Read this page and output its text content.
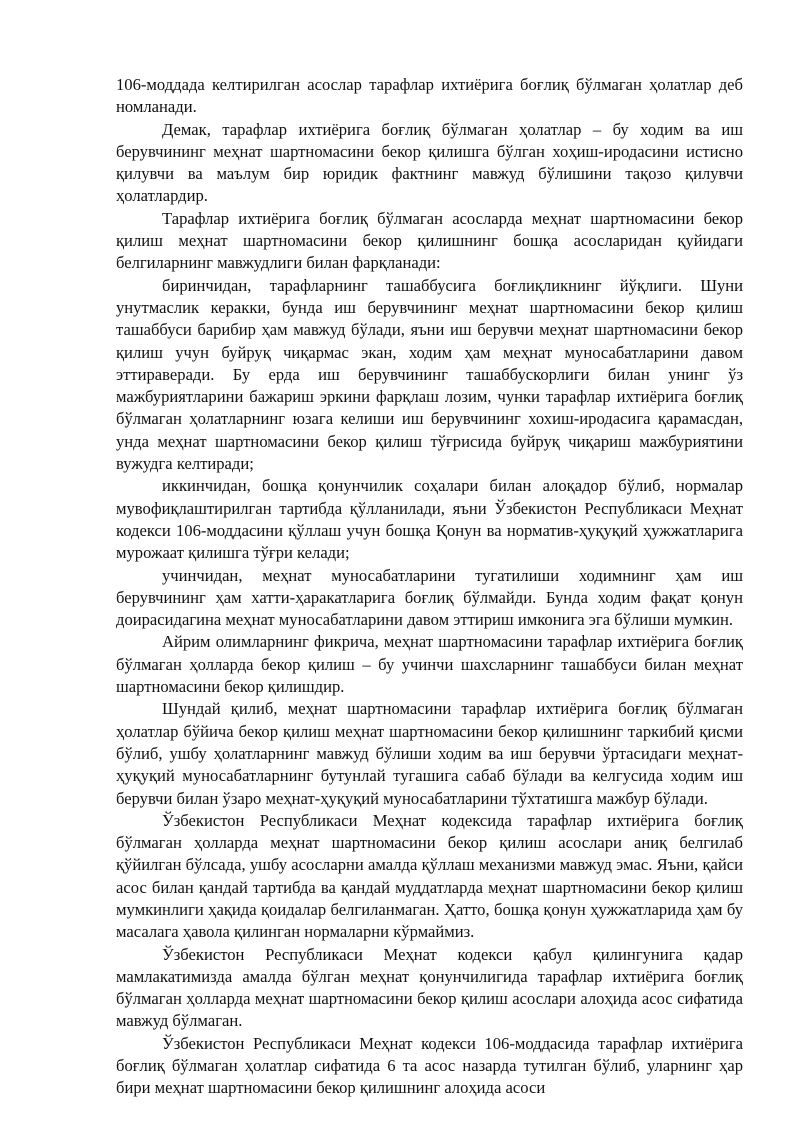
106-моддада келтирилган асослар тарафлар ихтиёрига боғлиқ бўлмаган ҳолатлар деб номланади.

Демак, тарафлар ихтиёрига боғлиқ бўлмаган ҳолатлар – бу ходим ва иш берувчининг меҳнат шартномасини бекор қилишга бўлган хоҳиш-иродасини истисно қилувчи ва маълум бир юридик фактнинг мавжуд бўлишини тақозо қилувчи ҳолатлардир.

Тарафлар ихтиёрига боғлиқ бўлмаган асосларда меҳнат шартномасини бекор қилиш меҳнат шартномасини бекор қилишнинг бошқа асосларидан қуйидаги белгиларнинг мавжудлиги билан фарқланади:

биринчидан, тарафларнинг ташаббусига боғлиқликнинг йўқлиги. Шуни унутмаслик керакки, бунда иш берувчининг меҳнат шартномасини бекор қилиш ташаббуси барибир ҳам мавжуд бўлади, яъни иш берувчи меҳнат шартномасини бекор қилиш учун буйруқ чиқармас экан, ходим ҳам меҳнат муносабатларини давом эттираверади. Бу ерда иш берувчининг ташаббускорлиги билан унинг ўз мажбуриятларини бажариш эркини фарқлаш лозим, чунки тарафлар ихтиёрига боғлиқ бўлмаган ҳолатларнинг юзага келиши иш берувчининг хохиш-иродасига қарамасдан, унда меҳнат шартномасини бекор қилиш тўғрисида буйруқ чиқариш мажбуриятини вужудга келтиради;

иккинчидан, бошқа қонунчилик соҳалари билан алоқадор бўлиб, нормалар мувофиқлаштирилган тартибда қўлланилади, яъни Ўзбекистон Республикаси Меҳнат кодекси 106-моддасини қўллаш учун бошқа Қонун ва норматив-ҳуқуқий ҳужжатларига мурожаат қилишга тўғри келади;

учинчидан, меҳнат муносабатларини тугатилиши ходимнинг ҳам иш берувчининг ҳам хатти-ҳаракатларига боғлиқ бўлмайди. Бунда ходим фақат қонун доирасидагина меҳнат муносабатларини давом эттириш имконига эга бўлиши мумкин.

Айрим олимларнинг фикрича, меҳнат шартномасини тарафлар ихтиёрига боғлиқ бўлмаган ҳолларда бекор қилиш – бу учинчи шахсларнинг ташаббуси билан меҳнат шартномасини бекор қилишдир.

Шундай қилиб, меҳнат шартномасини тарафлар ихтиёрига боғлиқ бўлмаган ҳолатлар бўйича бекор қилиш меҳнат шартномасини бекор қилишнинг таркибий қисми бўлиб, ушбу ҳолатларнинг мавжуд бўлиши ходим ва иш берувчи ўртасидаги меҳнат-ҳуқуқий муносабатларнинг бутунлай тугашига сабаб бўлади ва келгусида ходим иш берувчи билан ўзаро меҳнат-ҳуқуқий муносабатларини тўхтатишга мажбур бўлади.

Ўзбекистон Республикаси Меҳнат кодексида тарафлар ихтиёрига боғлиқ бўлмаган ҳолларда меҳнат шартномасини бекор қилиш асослари аниқ белгилаб қўйилган бўлсада, ушбу асосларни амалда қўллаш механизми мавжуд эмас. Яъни, қайси асос билан қандай тартибда ва қандай муддатларда меҳнат шартномасини бекор қилиш мумкинлиги ҳақида қоидалар белгиланмаган. Ҳатто, бошқа қонун ҳужжатларида ҳам бу масалага ҳавола қилинган нормаларни кўрмаймиз.

Ўзбекистон Республикаси Меҳнат кодекси қабул қилингунига қадар мамлакатимизда амалда бўлган меҳнат қонунчилигида тарафлар ихтиёрига боғлиқ бўлмаган ҳолларда меҳнат шартномасини бекор қилиш асослари алоҳида асос сифатида мавжуд бўлмаган.

Ўзбекистон Республикаси Меҳнат кодекси 106-моддасида тарафлар ихтиёрига боғлиқ бўлмаган ҳолатлар сифатида 6 та асос назарда тутилган бўлиб, уларнинг ҳар бири меҳнат шартномасини бекор қилишнинг алоҳида асоси
